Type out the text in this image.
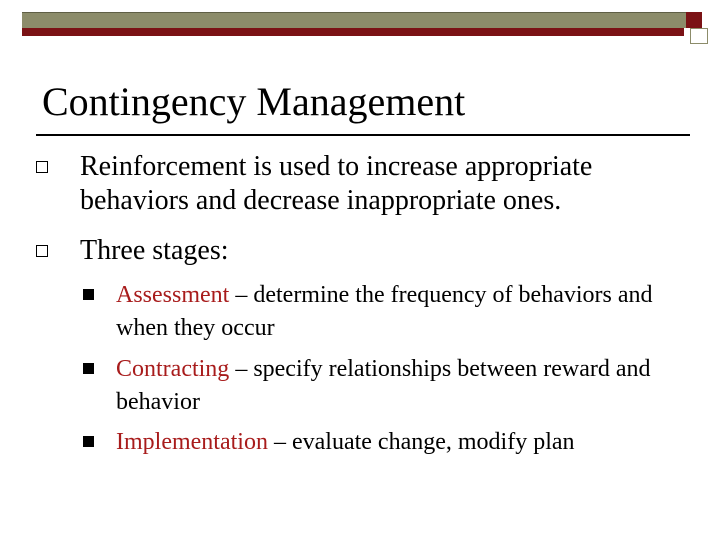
Contingency Management
Reinforcement is used to increase appropriate behaviors and decrease inappropriate ones.
Three stages:
Assessment – determine the frequency of behaviors and when they occur
Contracting – specify relationships between reward and behavior
Implementation – evaluate change, modify plan
